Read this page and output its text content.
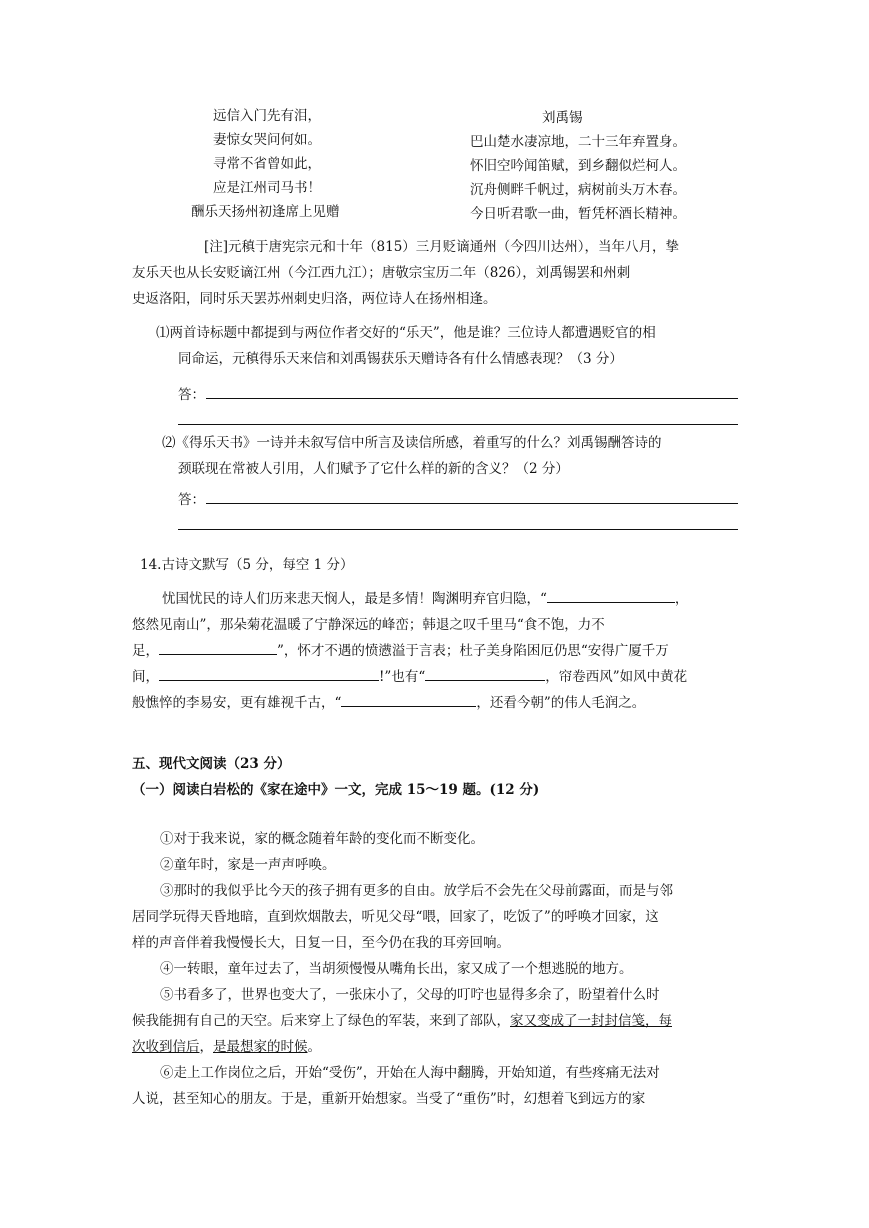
远信入门先有泪，
妻惊女哭问何如。
寻常不省曾如此，
应是江州司马书！
酬乐天扬州初逢席上见赠
刘禹锡
巴山楚水凄凉地，二十三年弃置身。
怀旧空吟闻笛赋，到乡翻似烂柯人。
沉舟侧畔千帆过，病树前头万木春。
今日听君歌一曲，暂凭杯酒长精神。
[注]元稹于唐宪宗元和十年（815）三月贬谪通州（今四川达州），当年八月，挚
友乐天也从长安贬谪江州（今江西九江）；唐敬宗宝历二年（826），刘禹锡罢和州刺
史返洛阳，同时乐天罢苏州刺史归洛，两位诗人在扬州相逢。
⑴两首诗标题中都提到与两位作者交好的“乐天”，他是谁？三位诗人都遭遇贬官的相
同命运，元稹得乐天来信和刘禹锡获乐天赠诗各有什么情感表现？（3 分）
答：
⑵《得乐天书》一诗并未叙写信中所言及读信所感，着重写的什么？刘禹锡酬答诗的
颈联现在常被人引用，人们赋予了它什么样的新的含义？（2 分）
答：
14.古诗文默写（5 分，每空 1 分）
忧国忧民的诗人们历来悲天悯人，最是多情！陶渊明弃官归隐，“	，
悠然见南山”，那朵菊花温暖了宁静深远的峰峦；韩退之叹千里马“食不饱，力不
足，	”，怀才不遇的愤懑溢于言表；杜子美身陷困厄仍思“安得广厦千万
间，	!”也有“	，帘卷西风”如风中黄花
般憔悴的李易安，更有雄视千古，“	，还看今朝”的伟人毛润之。
五、现代文阅读（23 分）
（一）阅读白岩松的《家在途中》一文，完成 15～19 题。(12 分)
①对于我来说，家的概念随着年龄的变化而不断变化。
②童年时，家是一声声呼唤。
③那时的我似乎比今天的孩子拥有更多的自由。放学后不会先在父母前露面，而是与邻
居同学玩得天昏地暗，直到炊烟散去，听见父母“喂，回家了，吃饭了”的呼唤才回家，这
样的声音伴着我慢慢长大，日复一日，至今仍在我的耳旁回响。
④一转眼，童年过去了，当胡须慢慢从嘴角长出，家又成了一个想逃脱的地方。
⑤书看多了，世界也变大了，一张床小了，父母的叮咛也显得多余了，盼望着什么时
候我能拥有自己的天空。后来穿上了绿色的军装，来到了部队，家又变成了一封封信笺，每
次收到信后，是最想家的时候。
⑥走上工作岗位之后，开始“受伤”，开始在人海中翻腾，开始知道，有些疼痛无法对
人说，甚至知心的朋友。于是，重新开始想家。当受了“重伤”时，幻想着飞到远方的家
